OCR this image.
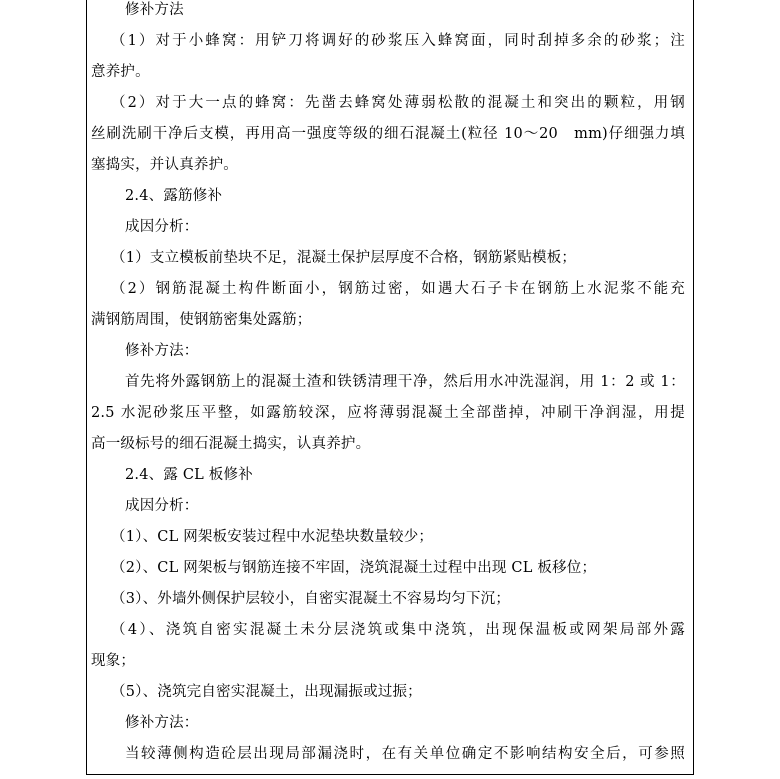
修补方法
（1）对于小蜂窝：用铲刀将调好的砂浆压入蜂窝面，同时刮掉多余的砂浆；注
意养护。
（2）对于大一点的蜂窝：先凿去蜂窝处薄弱松散的混凝土和突出的颗粒，用钢
丝刷洗刷干净后支模，再用高一强度等级的细石混凝土(粒径 10～20　mm)仔细强力填
塞捣实，并认真养护。
2.4、露筋修补
成因分析：
（1）支立模板前垫块不足，混凝土保护层厚度不合格，钢筋紧贴模板；
（2）钢筋混凝土构件断面小，钢筋过密，如遇大石子卡在钢筋上水泥浆不能充
满钢筋周围，使钢筋密集处露筋；
修补方法：
首先将外露钢筋上的混凝土渣和铁锈清理干净，然后用水冲洗湿润，用 1：2 或 1：
2.5 水泥砂浆压平整，如露筋较深，应将薄弱混凝土全部凿掉，冲刷干净润湿，用提
高一级标号的细石混凝土捣实，认真养护。
2.4、露 CL 板修补
成因分析：
（1）、CL 网架板安装过程中水泥垫块数量较少；
（2）、CL 网架板与钢筋连接不牢固，浇筑混凝土过程中出现 CL 板移位；
（3）、外墙外侧保护层较小，自密实混凝土不容易均匀下沉；
（4）、浇筑自密实混凝土未分层浇筑或集中浇筑，出现保温板或网架局部外露
现象；
（5）、浇筑完自密实混凝土，出现漏振或过振；
修补方法：
当较薄侧构造砼层出现局部漏浇时，在有关单位确定不影响结构安全后，可参照
